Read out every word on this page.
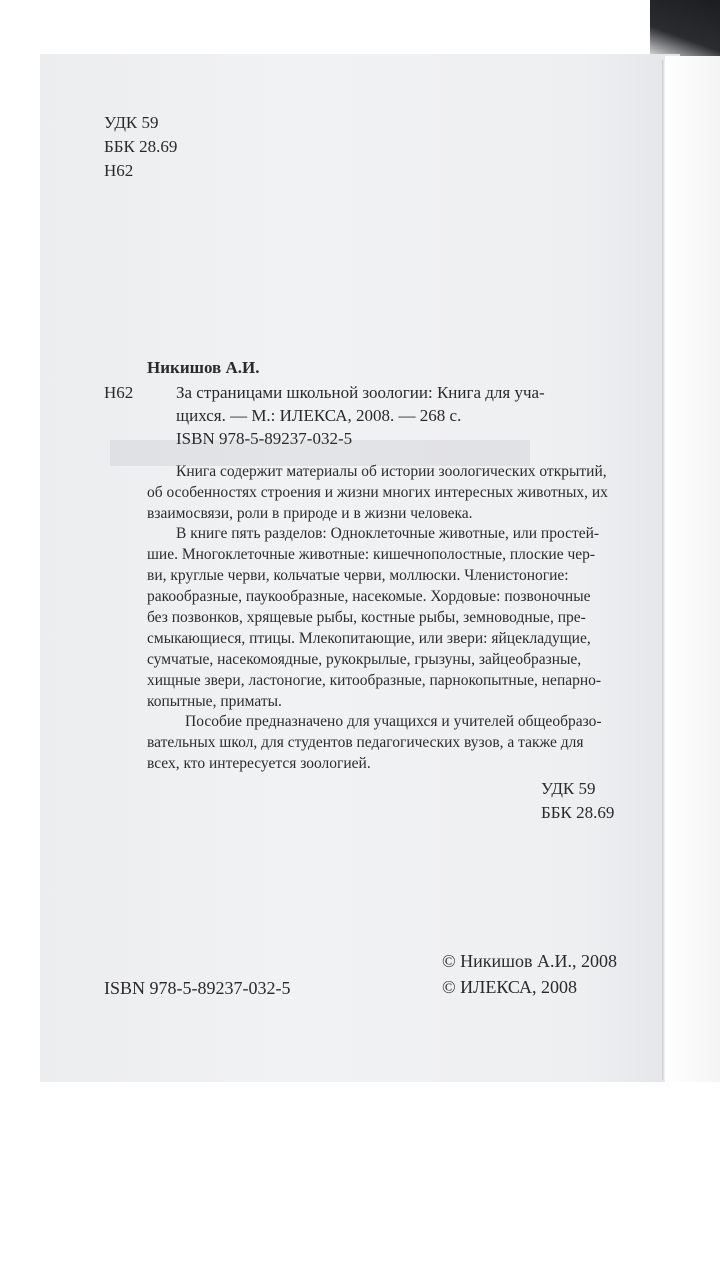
УДК 59
ББК 28.69
Н62
Никишов А.И.
Н62	За страницами школьной зоологии: Книга для уча-
щихся. — М.: ИЛЕКСА, 2008. — 268 с.
ISBN 978-5-89237-032-5
Книга содержит материалы об истории зоологических открытий,
об особенностях строения и жизни многих интересных животных, их
взаимосвязи, роли в природе и в жизни человека.
В книге пять разделов: Одноклеточные животные, или простей-
шие. Многоклеточные животные: кишечнополостные, плоские чер-
ви, круглые черви, кольчатые черви, моллюски. Членистоногие:
ракообразные, паукообразные, насекомые. Хордовые: позвоночные
без позвонков, хрящевые рыбы, костные рыбы, земноводные, пре-
смыкающиеся, птицы. Млекопитающие, или звери: яйцекладущие,
сумчатые, насекомоядные, рукокрылые, грызуны, зайцеобразные,
хищные звери, ластоногие, китообразные, парнокопытные, непарно-
копытные, приматы.
Пособие предназначено для учащихся и учителей общеобразо-
вательных школ, для студентов педагогических вузов, а также для
всех, кто интересуется зоологией.
УДК 59
ББК 28.69
ISBN 978-5-89237-032-5
© Никишов А.И., 2008
© ИЛЕКСА, 2008
